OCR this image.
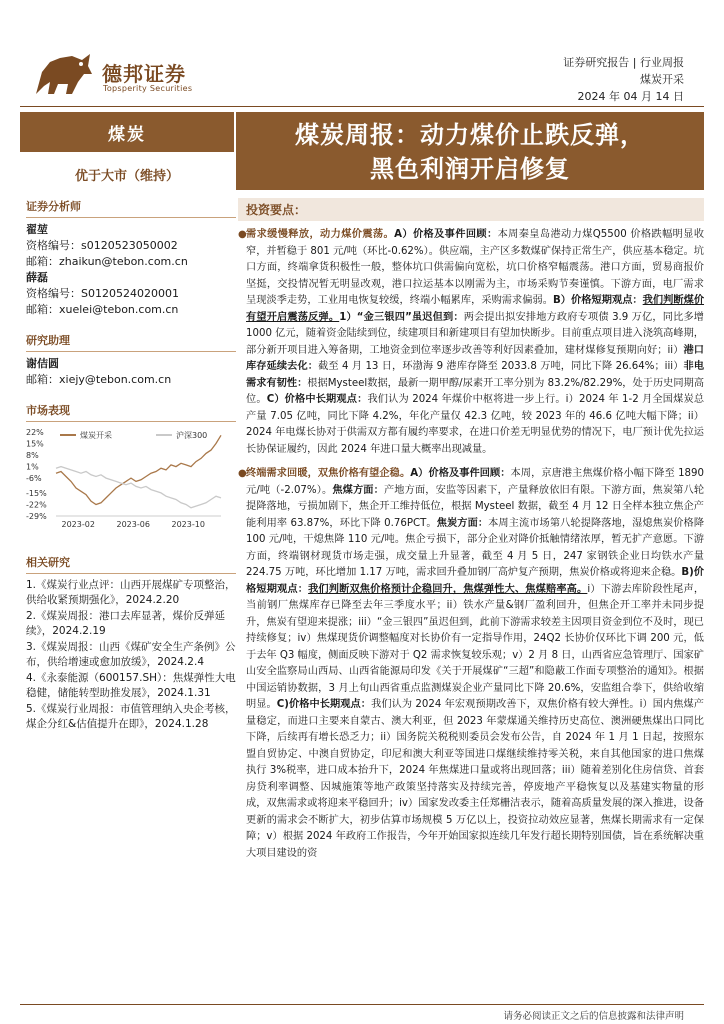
德邦证券
Topsperity Securities
证券研究报告 | 行业周报
煤炭开采
2024 年 04 月 14 日
煤炭
优于大市（维持）
煤炭周报：动力煤价止跌反弹，
黑色利润开启修复
证券分析师
翟堃
资格编号：s0120523050002
邮箱：zhaikun@tebon.com.cn
薛磊
资格编号：S0120524020001
邮箱：xuelei@tebon.com.cn
研究助理
谢佶圆
邮箱：xiejy@tebon.com.cn
市场表现
22%
15%
8%
1%
-6%
-15%
-22%
-29%
2023-02	2023-06	2023-10
煤炭开采	沪深300
相关研究
1.《煤炭行业点评：山西开展煤矿专项整治，供给收紧预期强化》，2024.2.20
2.《煤炭周报：港口去库显著，煤价反弹延续》，2024.2.19
3.《煤炭周报：山西《煤矿安全生产条例》公布，供给增速或愈加放缓》，2024.2.4
4.《永泰能源（600157.SH）：焦煤弹性大电稳健，储能转型助推发展》，2024.1.31
5.《煤炭行业周报：市值管理纳入央企考核，煤企分红&估值提升在即》，2024.1.28
投资要点：
● 需求缓慢释放，动力煤价震荡。A）价格及事件回顾：本周秦皇岛港动力煤Q5500 价格跌幅明显收窄，并暂稳于 801 元/吨（环比-0.62%）。供应端，主产区多数煤矿保持正常生产，供应基本稳定。坑口方面，终端拿货积极性一般，整体坑口供需偏向宽松，坑口价格窄幅震荡。港口方面，贸易商报价坚挺，交投情况暂无明显改观，港口拉运基本以刚需为主，市场采购节奏谨慎。下游方面，电厂需求呈现淡季走势，工业用电恢复较缓，终端小幅累库，采购需求偏弱。B）价格短期观点：我们判断煤价有望开启震荡反弹。1）“金三银四”虽迟但到：两会提出拟安排地方政府专项债 3.9 万亿，同比多增 1000 亿元，随着资金陆续到位，续建项目和新建项目有望加快断步。目前重点项目进入浇筑高峰期，部分新开项目进入筹备期，工地资金到位率逐步改善等利好因素叠加，建材煤修复预期向好；ii）港口库存延续去化：截至 4 月 13 日，环渤海 9 港库存降至 2033.8 万吨，同比下降 26.64%；iii）非电需求有韧性：根据Mysteel数据，最新一期甲醇/尿素开工率分别为 83.2%/82.29%，处于历史同期高位。C）价格中长期观点：我们认为 2024 年煤价中枢将进一步上行。i）2024 年 1-2 月全国煤炭总产量 7.05 亿吨，同比下降 4.2%，年化产量仅 42.3 亿吨，较 2023 年的 46.6 亿吨大幅下降；ii）2024 年电煤长协对于供需双方都有履约率要求，在进口价差无明显优势的情况下，电厂预计优先拉运长协保证履约，因此 2024 年进口量大概率出现减量。
● 终端需求回暖，双焦价格有望企稳。A）价格及事件回顾：本周，京唐港主焦煤价格小幅下降至 1890 元/吨（-2.07%）。焦煤方面：产地方面，安监等因素下，产量释放依旧有限。下游方面，焦炭第八轮提降落地，亏损加剧下，焦企开工维持低位，根据 Mysteel 数据，截至 4 月 12 日全样本独立焦企产能利用率 63.87%，环比下降 0.76PCT。焦炭方面：本周主流市场第八轮提降落地，湿熄焦炭价格降 100 元/吨，干熄焦降 110 元/吨。焦企亏损下，部分企业对降价抵触情绪浓厚，暂无扩产意愿。下游方面，终端钢材现货市场走强，成交量上升显著，截至 4 月 5 日，247 家钢铁企业日均铁水产量 224.75 万吨，环比增加 1.17 万吨，需求回升叠加钢厂高炉复产预期，焦炭价格或将迎来企稳。B)价格短期观点：我们判断双焦价格预计企稳回升，焦煤弹性大、焦煤赔率高。i）下游去库阶段性尾声，当前钢厂焦煤库存已降至去年三季度水平；ii）铁水产量&钢厂盈利回升，但焦企开工率并未同步提升，焦炭有望迎来提涨；iii）“金三银四”虽迟但到，此前下游需求较差主因项目资金到位不及时，现已持续修复；iv）焦煤现货价调整幅度对长协价有一定指导作用，24Q2 长协价仅环比下调 200 元，低于去年 Q3 幅度，侧面反映下游对于 Q2 需求恢复较乐观；v）2 月 8 日，山西省应急管理厅、国家矿山安全监察局山西局、山西省能源局印发《关于开展煤矿“三超”和隐蔽工作面专项整治的通知》。根据中国运销协数据，3 月上旬山西省重点监测煤炭企业产量同比下降 20.6%，安监组合拳下，供给收缩明显。C)价格中长期观点：我们认为 2024 年宏观预期改善下，双焦价格有较大弹性。i）国内焦煤产量稳定，而进口主要来自蒙古、澳大利亚，但 2023 年蒙煤通关维持历史高位、澳洲硬焦煤出口同比下降，后续再有增长恐乏力；ii）国务院关税税则委员会发布公告，自 2024 年 1 月 1 日起，按照东盟自贸协定、中澳自贸协定，印尼和澳大利亚等国进口煤继续维持零关税，来自其他国家的进口焦煤执行 3%税率，进口成本抬升下，2024 年焦煤进口量或将出现回落；iii）随着差别化住房信贷、首套房贷利率调整、因城施策等地产政策坚持落实及持续完善，停废地产平稳恢复以及基建实物量的形成，双焦需求或将迎来平稳回升；iv）国家发改委主任郑栅洁表示，随着高质量发展的深入推进，设备更新的需求会不断扩大，初步估算市场规模 5 万亿以上，投资拉动效应显著，焦煤长期需求有一定保障；v）根据 2024 年政府工作报告，今年开始国家拟连续几年发行超长期特别国债，旨在系统解决重大项目建设的资
请务必阅读正文之后的信息披露和法律声明
